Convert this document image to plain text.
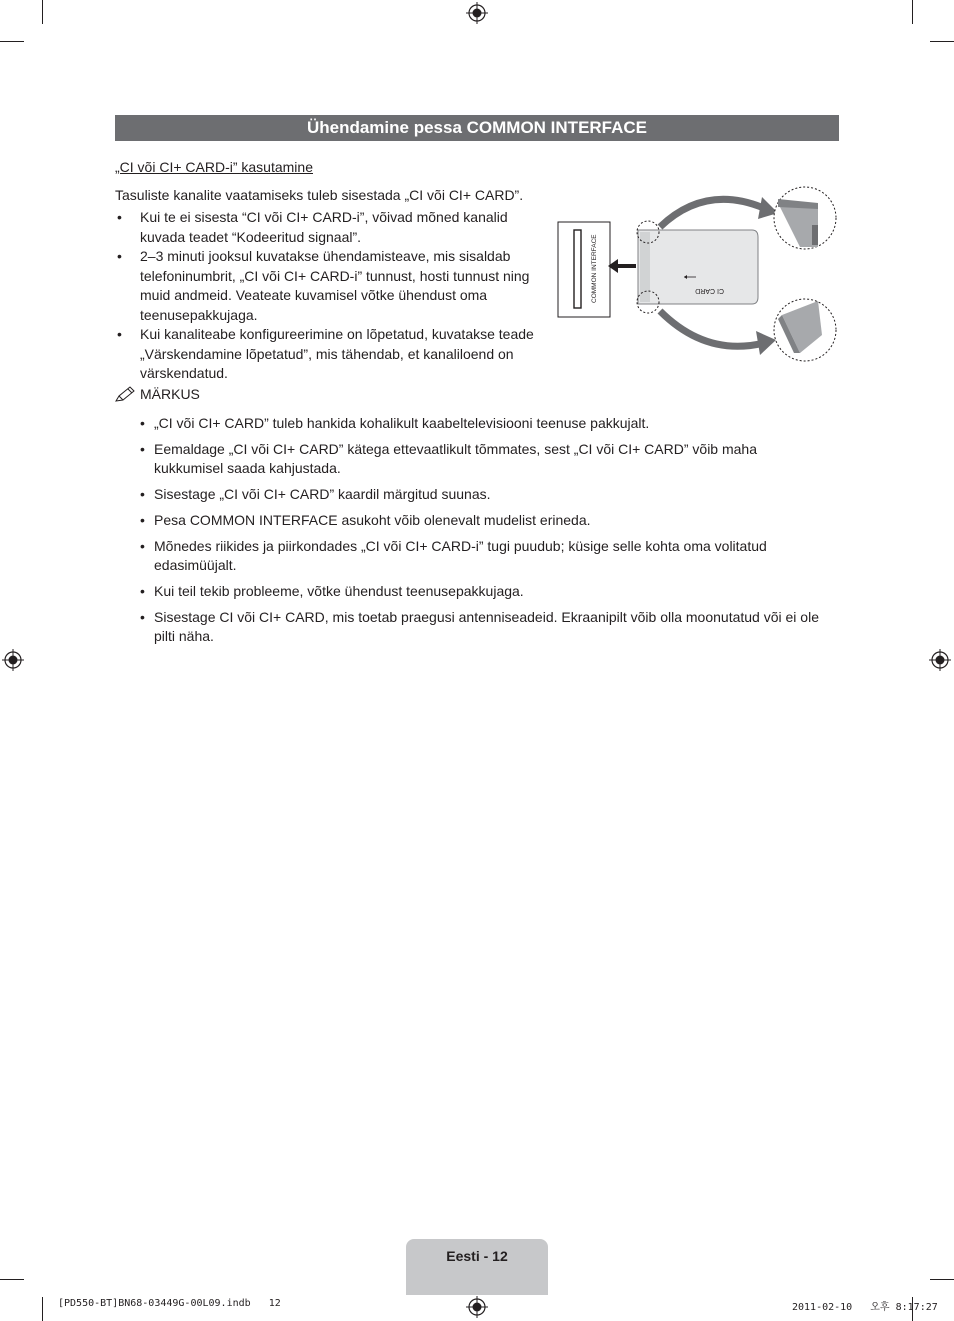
Ühendamine pessa COMMON INTERFACE
„CI või CI+ CARD-i” kasutamine
Tasuliste kanalite vaatamiseks tuleb sisestada „CI või CI+ CARD”.
• Kui te ei sisesta “CI või CI+ CARD-i”, võivad mõned kanalid kuvada teadet “Kodeeritud signaal”.
• 2–3 minuti jooksul kuvatakse ühendamisteave, mis sisaldab telefoninumbrit, „CI või CI+ CARD-i” tunnust, hosti tunnust ning muid andmeid. Veateate kuvamisel võtke ühendust oma teenusepakkujaga.
• Kui kanaliteabe konfigureerimine on lõpetatud, kuvatakse teade „Värskendamine lõpetatud”, mis tähendab, et kanaliloend on värskendatud.
COMMON INTERFACE	CI CARD
MÄRKUS
• „CI või CI+ CARD” tuleb hankida kohalikult kaabeltelevisiooni teenuse pakkujalt.
• Eemaldage „CI või CI+ CARD” kätega ettevaatlikult tõmmates, sest „CI või CI+ CARD” võib maha kukkumisel saada kahjustada.
• Sisestage „CI või CI+ CARD” kaardil märgitud suunas.
• Pesa COMMON INTERFACE asukoht võib olenevalt mudelist erineda.
• Mõnedes riikides ja piirkondades „CI või CI+ CARD-i” tugi puudub; küsige selle kohta oma volitatud edasimüüjalt.
• Kui teil tekib probleeme, võtke ühendust teenusepakkujaga.
• Sisestage CI või CI+ CARD, mis toetab praegusi antenniseadeid. Ekraanipilt võib olla moonutatud või ei ole pilti näha.
Eesti - 12
[PD550-BT]BN68-03449G-00L09.indb   12	2011-02-10   오후 8:17:27
